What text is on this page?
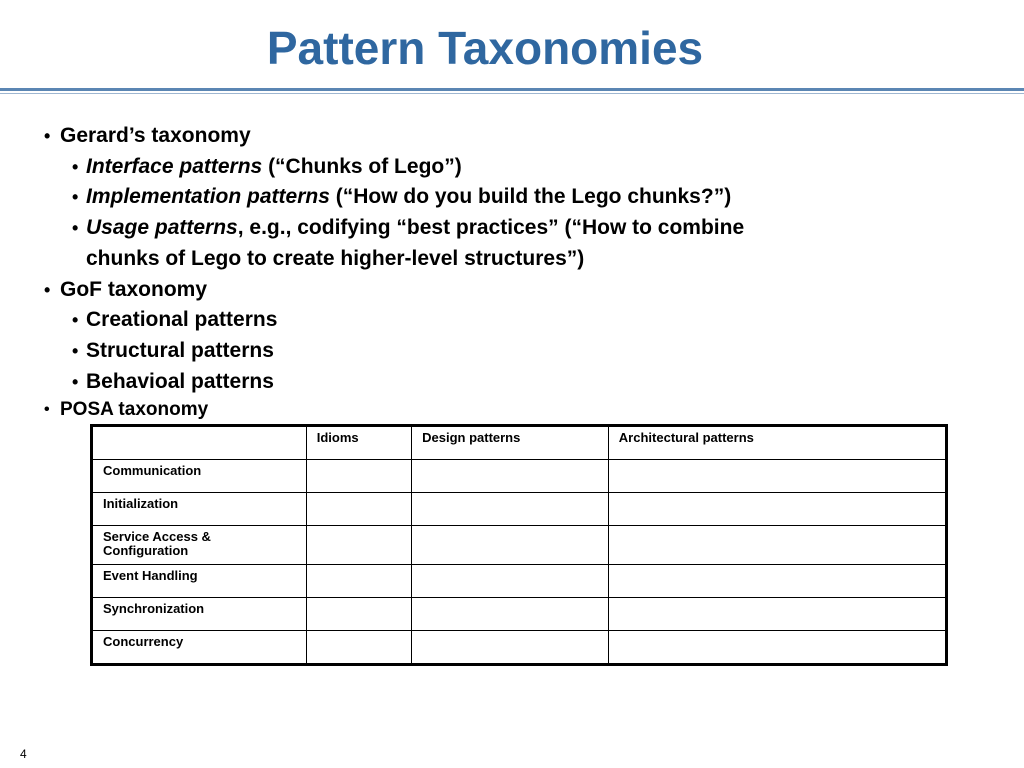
Pattern Taxonomies
• Gerard’s taxonomy
• Interface patterns (“Chunks of Lego”)
• Implementation patterns (“How do you build the Lego chunks?”)
• Usage patterns, e.g., codifying “best practices” (“How to combine
chunks of Lego to create higher-level structures”)
• GoF taxonomy
• Creational patterns
• Structural patterns
• Behavioal patterns
• POSA taxonomy
	Idioms	Design patterns	Architectural patterns
Communication			
Initialization			
Service Access &
Configuration			
Event Handling			
Synchronization			
Concurrency			
4
